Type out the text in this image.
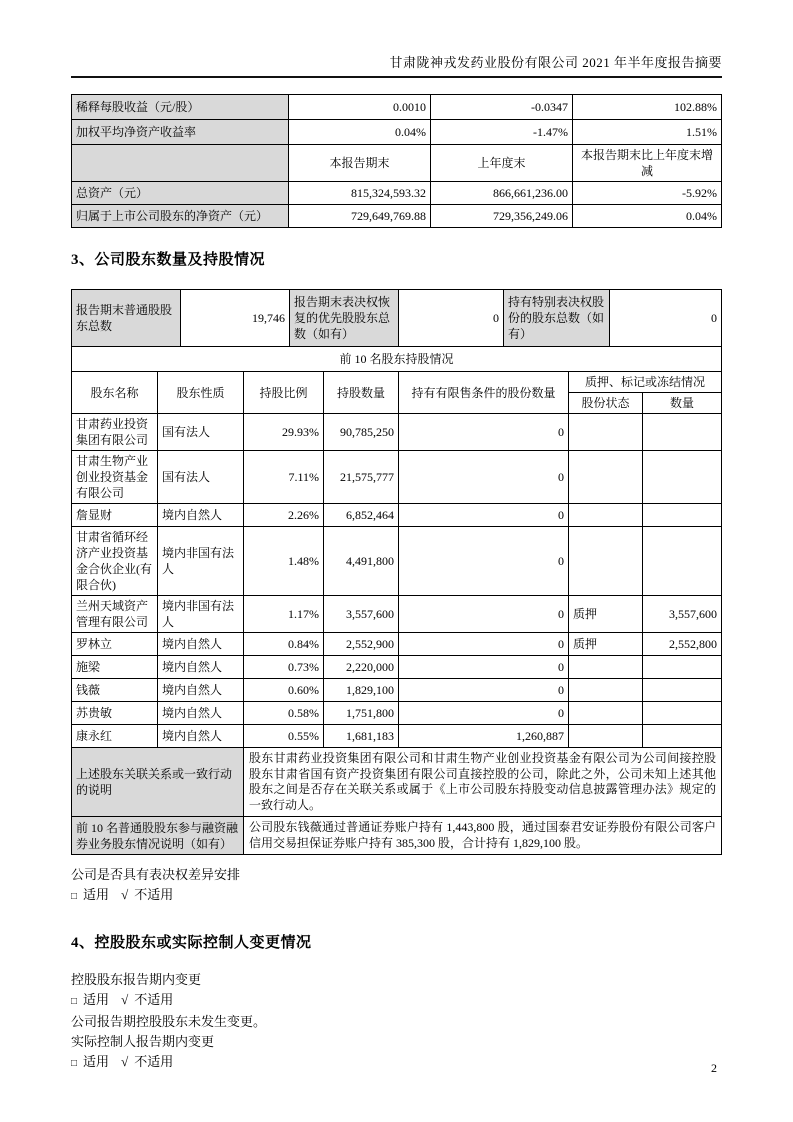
甘肃陇神戎发药业股份有限公司 2021 年半年度报告摘要
稀释每股收益（元/股）	0.0010	-0.0347	102.88%
加权平均净资产收益率	0.04%	-1.47%	1.51%
	本报告期末	上年度末	本报告期末比上年度末增减
总资产（元）	815,324,593.32	866,661,236.00	-5.92%
归属于上市公司股东的净资产（元）	729,649,769.88	729,356,249.06	0.04%
3、公司股东数量及持股情况
报告期末普通股股东总数	19,746	报告期末表决权恢复的优先股股东总数（如有）	0	持有特别表决权股份的股东总数（如有）	0
前 10 名股东持股情况						
股东名称	股东性质	持股比例	持股数量	持有有限售条件的股份数量	质押、标记或冻结情况	
					股份状态	数量
甘肃药业投资集团有限公司	国有法人	29.93%	90,785,250	0		
甘肃生物产业创业投资基金有限公司	国有法人	7.11%	21,575,777	0		
詹显财	境内自然人	2.26%	6,852,464	0		
甘肃省循环经济产业投资基金合伙企业(有限合伙)	境内非国有法人	1.48%	4,491,800	0		
兰州天域资产管理有限公司	境内非国有法人	1.17%	3,557,600	0	质押	3,557,600
罗林立	境内自然人	0.84%	2,552,900	0	质押	2,552,800
施梁	境内自然人	0.73%	2,220,000	0		
钱薇	境内自然人	0.60%	1,829,100	0		
苏贵敏	境内自然人	0.58%	1,751,800	0		
康永红	境内自然人	0.55%	1,681,183	1,260,887		
上述股东关联关系或一致行动的说明		股东甘肃药业投资集团有限公司和甘肃生物产业创业投资基金有限公司为公司间接控股股东甘肃省国有资产投资集团有限公司直接控股的公司，除此之外，公司未知上述其他股东之间是否存在关联关系或属于《上市公司股东持股变动信息披露管理办法》规定的一致行动人。				
前 10 名普通股股东参与融资融券业务股东情况说明（如有）		公司股东钱薇通过普通证券账户持有 1,443,800 股，通过国泰君安证券股份有限公司客户信用交易担保证券账户持有 385,300 股，合计持有 1,829,100 股。				
公司是否具有表决权差异安排
□ 适用 √ 不适用
4、控股股东或实际控制人变更情况
控股股东报告期内变更
□ 适用 √ 不适用
公司报告期控股股东未发生变更。
实际控制人报告期内变更
□ 适用 √ 不适用	2
